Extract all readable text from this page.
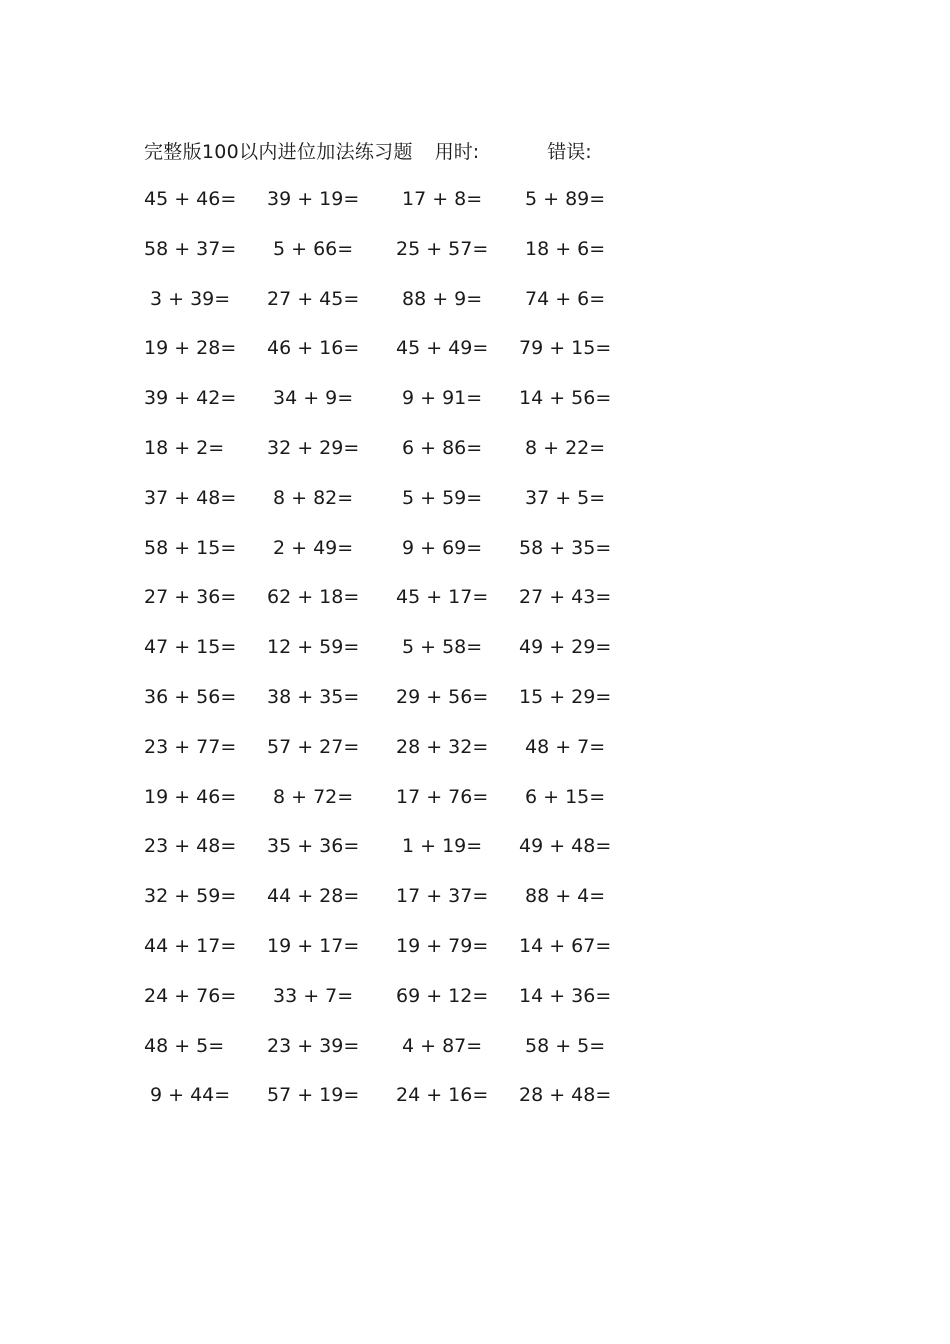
完整版100以内进位加法练习题 用时:	错误:
45 + 46= 39 + 19= 17 + 8= 5 + 89=
58 + 37= 5 + 66= 25 + 57= 18 + 6=
3 + 39= 27 + 45= 88 + 9= 74 + 6=
19 + 28= 46 + 16= 45 + 49= 79 + 15=
39 + 42= 34 + 9=	9 + 91= 14 + 56=
18 + 2= 32 + 29= 6 + 86= 8 + 22=
37 + 48= 8 + 82=	5 + 59= 37 + 5=
58 + 15= 2 + 49=	9 + 69= 58 + 35=
27 + 36= 62 + 18= 45 + 17= 27 + 43=
47 + 15= 12 + 59= 5 + 58= 49 + 29=
36 + 56= 38 + 35= 29 + 56= 15 + 29=
23 + 77= 57 + 27= 28 + 32= 48 + 7=
19 + 46= 8 + 72= 17 + 76= 6 + 15=
23 + 48= 35 + 36= 1 + 19= 49 + 48=
32 + 59= 44 + 28= 17 + 37= 88 + 4=
44 + 17= 19 + 17= 19 + 79= 14 + 67=
24 + 76= 33 + 7= 69 + 12= 14 + 36=
48 + 5= 23 + 39= 4 + 87= 58 + 5=
9 + 44= 57 + 19= 24 + 16= 28 + 48=
